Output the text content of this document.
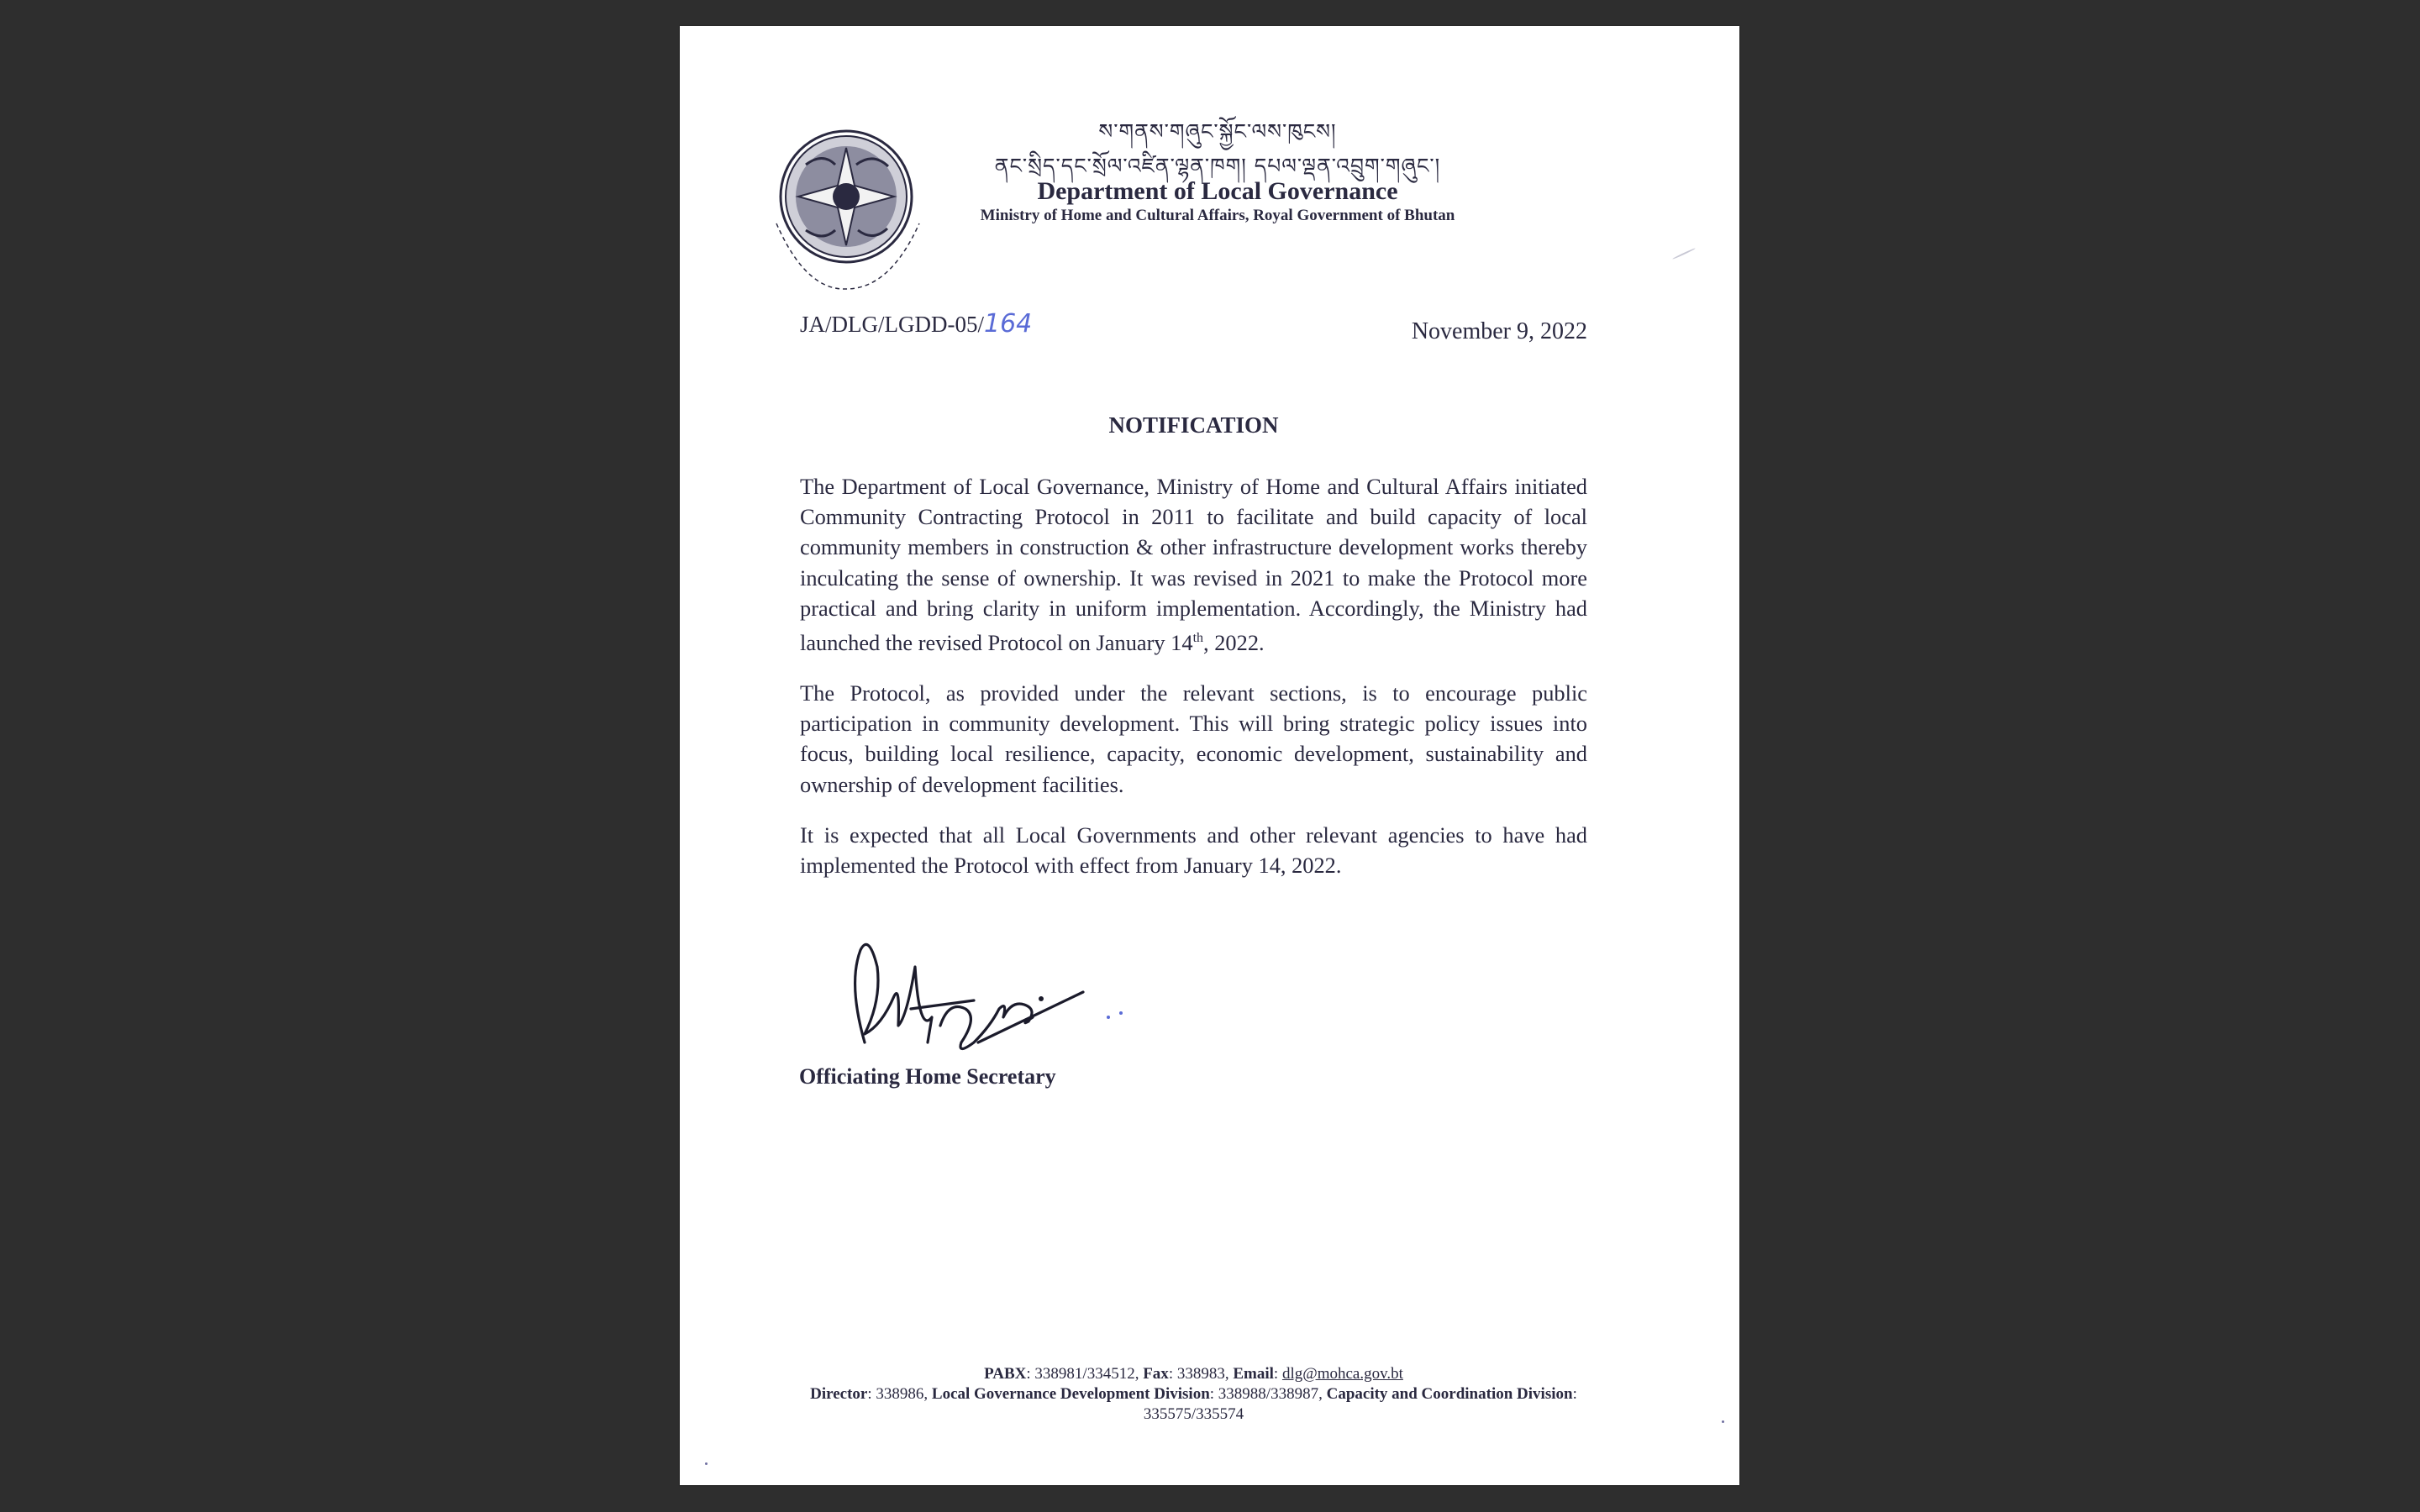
ས་གནས་གཞུང་སྐྱོང་ལས་ཁུངས།
ནང་སྲིད་དང་སྲོལ་འཛིན་ལྷན་ཁག། དཔལ་ལྡན་འབྲུག་གཞུང་།
Department of Local Governance
Ministry of Home and Cultural Affairs, Royal Government of Bhutan
JA/DLG/LGDD-05/164	November 9, 2022
NOTIFICATION

The Department of Local Governance, Ministry of Home and Cultural Affairs initiated Community Contracting Protocol in 2011 to facilitate and build capacity of local community members in construction & other infrastructure development works thereby inculcating the sense of ownership. It was revised in 2021 to make the Protocol more practical and bring clarity in uniform implementation. Accordingly, the Ministry had launched the revised Protocol on January 14th, 2022.

The Protocol, as provided under the relevant sections, is to encourage public participation in community development. This will bring strategic policy issues into focus, building local resilience, capacity, economic development, sustainability and ownership of development facilities.

It is expected that all Local Governments and other relevant agencies to have had implemented the Protocol with effect from January 14, 2022.

Officiating Home Secretary
PABX: 338981/334512, Fax: 338983, Email: dlg@mohca.gov.bt
Director: 338986, Local Governance Development Division: 338988/338987, Capacity and Coordination Division: 335575/335574
